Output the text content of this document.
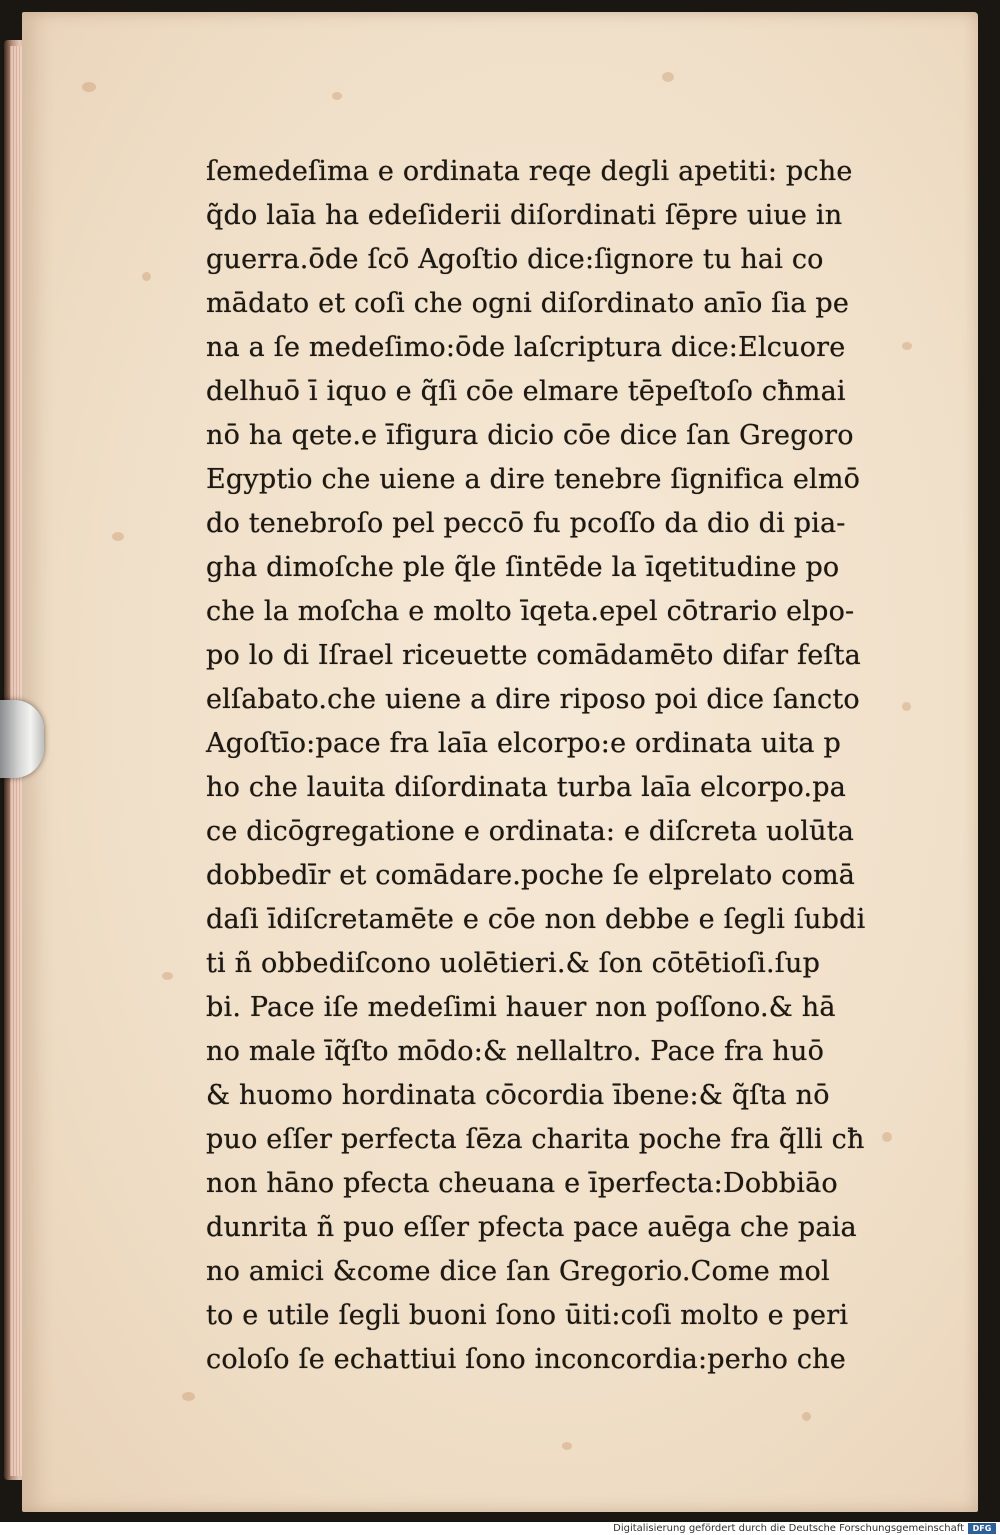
ſemedeſima e ordinata reqe degli apetiti: pche
q̃do laīa ha edeſiderii diſordinati ſēpre uiue in
guerra.ōde ſcō Agoſtio dice:ſignore tu hai co
mādato et coſi che ogni diſordinato anīo ſia pe
na a ſe medeſimo:ōde laſcriptura dice:Elcuore
delhuō ī iquo e q̃ſi cōe elmare tēpeſtoſo cħmai
nō ha qete.e īfigura dicio cōe dice ſan Gregoro
Egyptio che uiene a dire tenebre ſignifica elmō
do tenebroſo pel peccō fu pcoſſo da dio di pia-
gha dimoſche ple q̃le ſintēde la īqetitudine po
che la moſcha e molto īqeta.epel cōtrario elpo-
po lo di Iſrael riceuette comādamēto difar feſta
elſabato.che uiene a dire riposo poi dice ſancto
Agoſtīo:pace fra laīa elcorpo:e ordinata uita p
ho che lauita diſordinata turba laīa elcorpo.pa
ce dicōgregatione e ordinata: e diſcreta uolūta
dobbedīr et comādare.poche ſe elprelato comā
daſi īdiſcretamēte e cōe non debbe e ſegli ſubdi
ti ñ obbediſcono uolētieri.& ſon cōtētioſi.ſup
bi. Pace iſe medeſimi hauer non poſſono.& hā
no male īq̃ſto mōdo:& nellaltro. Pace fra huō
& huomo hordinata cōcordia ībene:& q̃ſta nō
puo eſſer perfecta ſēza charita poche fra q̃lli cħ
non hāno pfecta cheuana e īperfecta:Dobbiāo
dunrita ñ puo eſſer pfecta pace auēga che paia
no amici &come dice ſan Gregorio.Come mol
to e utile ſegli buoni ſono ūiti:coſi molto e peri
coloſo ſe echattiui ſono inconcordia:perho che
Digitalisierung gefördert durch die Deutsche Forschungsgemeinschaft	DFG
